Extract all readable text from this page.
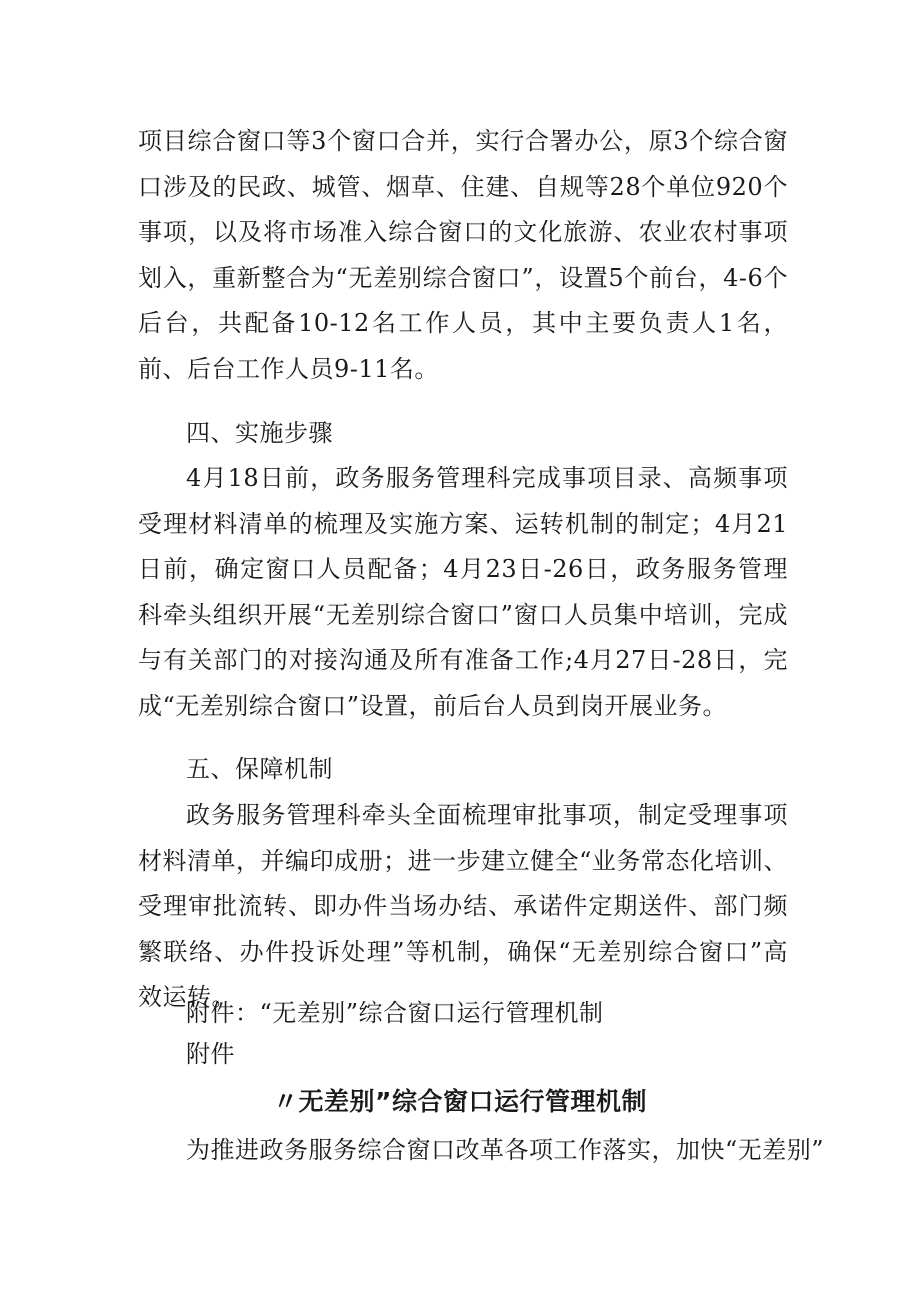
项目综合窗口等3个窗口合并，实行合署办公，原3个综合窗口涉及的民政、城管、烟草、住建、自规等28个单位920个事项，以及将市场准入综合窗口的文化旅游、农业农村事项划入，重新整合为“无差别综合窗口”，设置5个前台，4-6个后台，共配备10-12名工作人员，其中主要负责人1名，前、后台工作人员9-11名。

四、实施步骤

4月18日前，政务服务管理科完成事项目录、高频事项受理材料清单的梳理及实施方案、运转机制的制定；4月21日前，确定窗口人员配备；4月23日-26日，政务服务管理科牵头组织开展“无差别综合窗口”窗口人员集中培训，完成与有关部门的对接沟通及所有准备工作;4月27日-28日，完成“无差别综合窗口”设置，前后台人员到岗开展业务。

五、保障机制

政务服务管理科牵头全面梳理审批事项，制定受理事项材料清单，并编印成册；进一步建立健全“业务常态化培训、受理审批流转、即办件当场办结、承诺件定期送件、部门频繁联络、办件投诉处理”等机制，确保“无差别综合窗口”高效运转。

附件：“无差别”综合窗口运行管理机制

附件

〃无差别”综合窗口运行管理机制

为推进政务服务综合窗口改革各项工作落实，加快“无差别”
